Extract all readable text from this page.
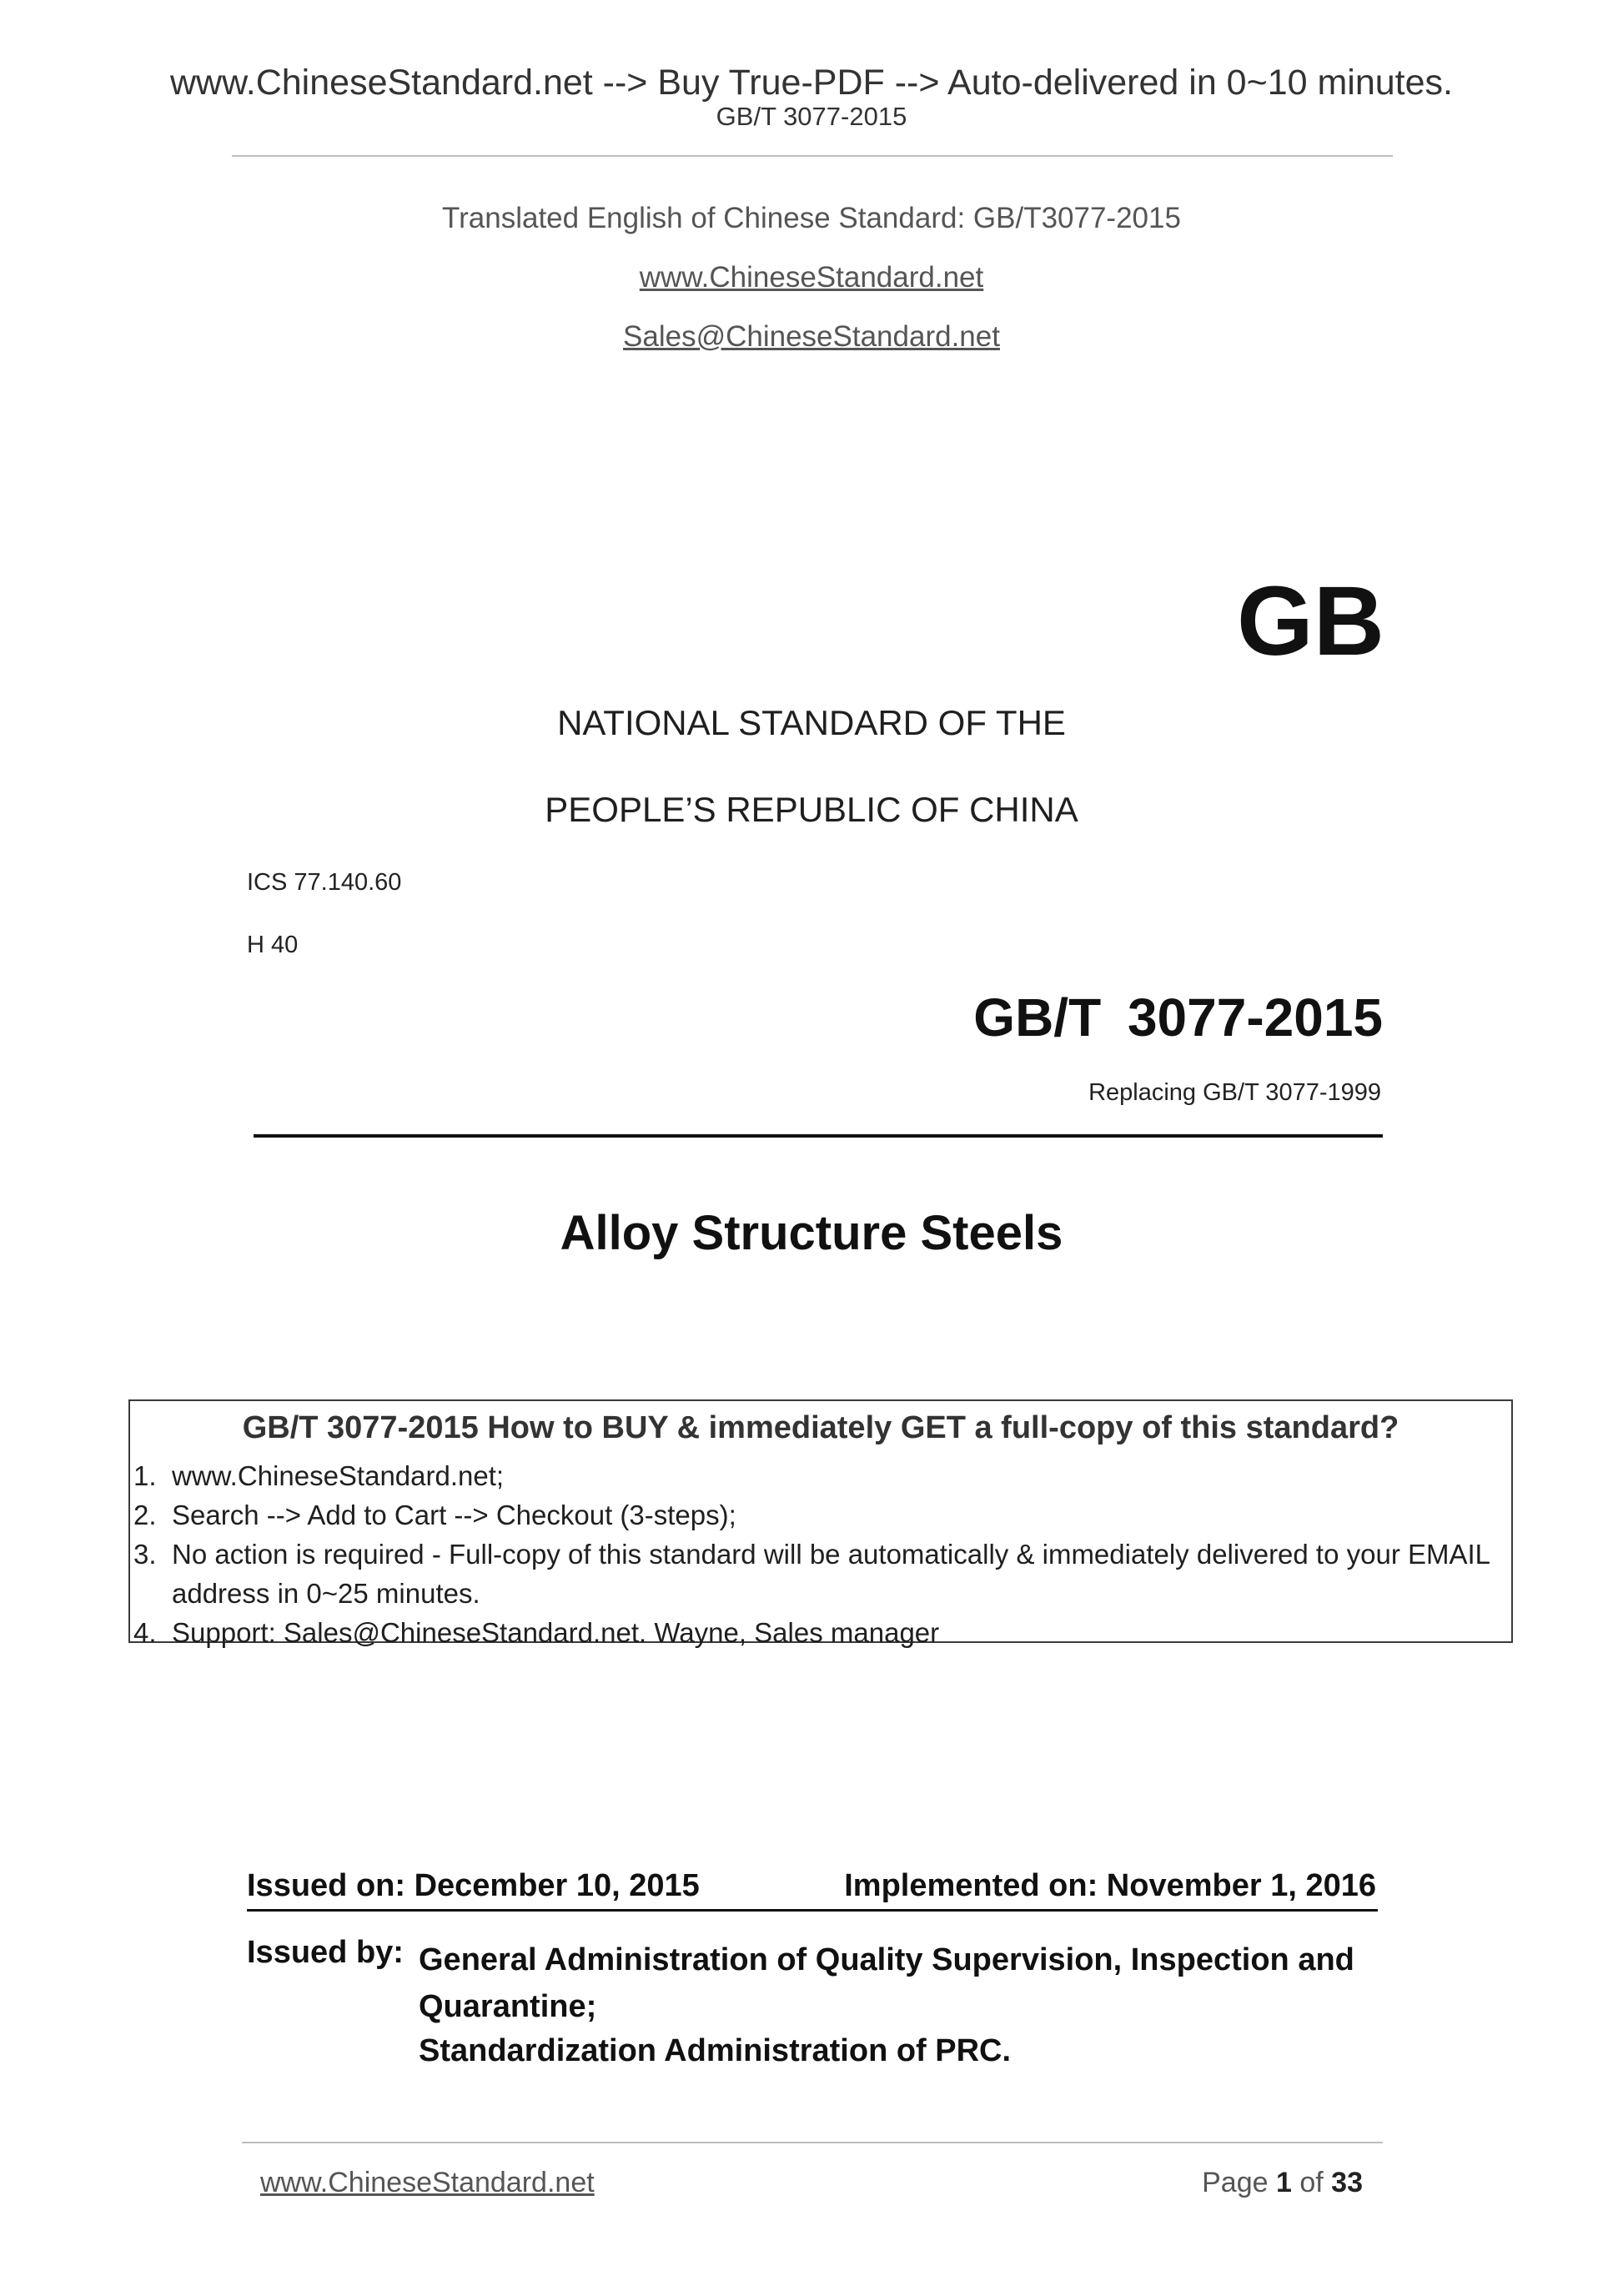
www.ChineseStandard.net --> Buy True-PDF --> Auto-delivered in 0~10 minutes.
GB/T 3077-2015
Translated English of Chinese Standard: GB/T3077-2015
www.ChineseStandard.net
Sales@ChineseStandard.net
GB
NATIONAL STANDARD OF THE
PEOPLE’S REPUBLIC OF CHINA
ICS 77.140.60
H 40
GB/T 3077-2015
Replacing GB/T 3077-1999
Alloy Structure Steels
GB/T 3077-2015 How to BUY & immediately GET a full-copy of this standard?
1. www.ChineseStandard.net;
2. Search --> Add to Cart --> Checkout (3-steps);
3. No action is required - Full-copy of this standard will be automatically & immediately delivered to your EMAIL address in 0~25 minutes.
4. Support: Sales@ChineseStandard.net. Wayne, Sales manager
Issued on: December 10, 2015	Implemented on: November 1, 2016
Issued by: General Administration of Quality Supervision, Inspection and Quarantine;
Standardization Administration of PRC.
www.ChineseStandard.net	Page 1 of 33
